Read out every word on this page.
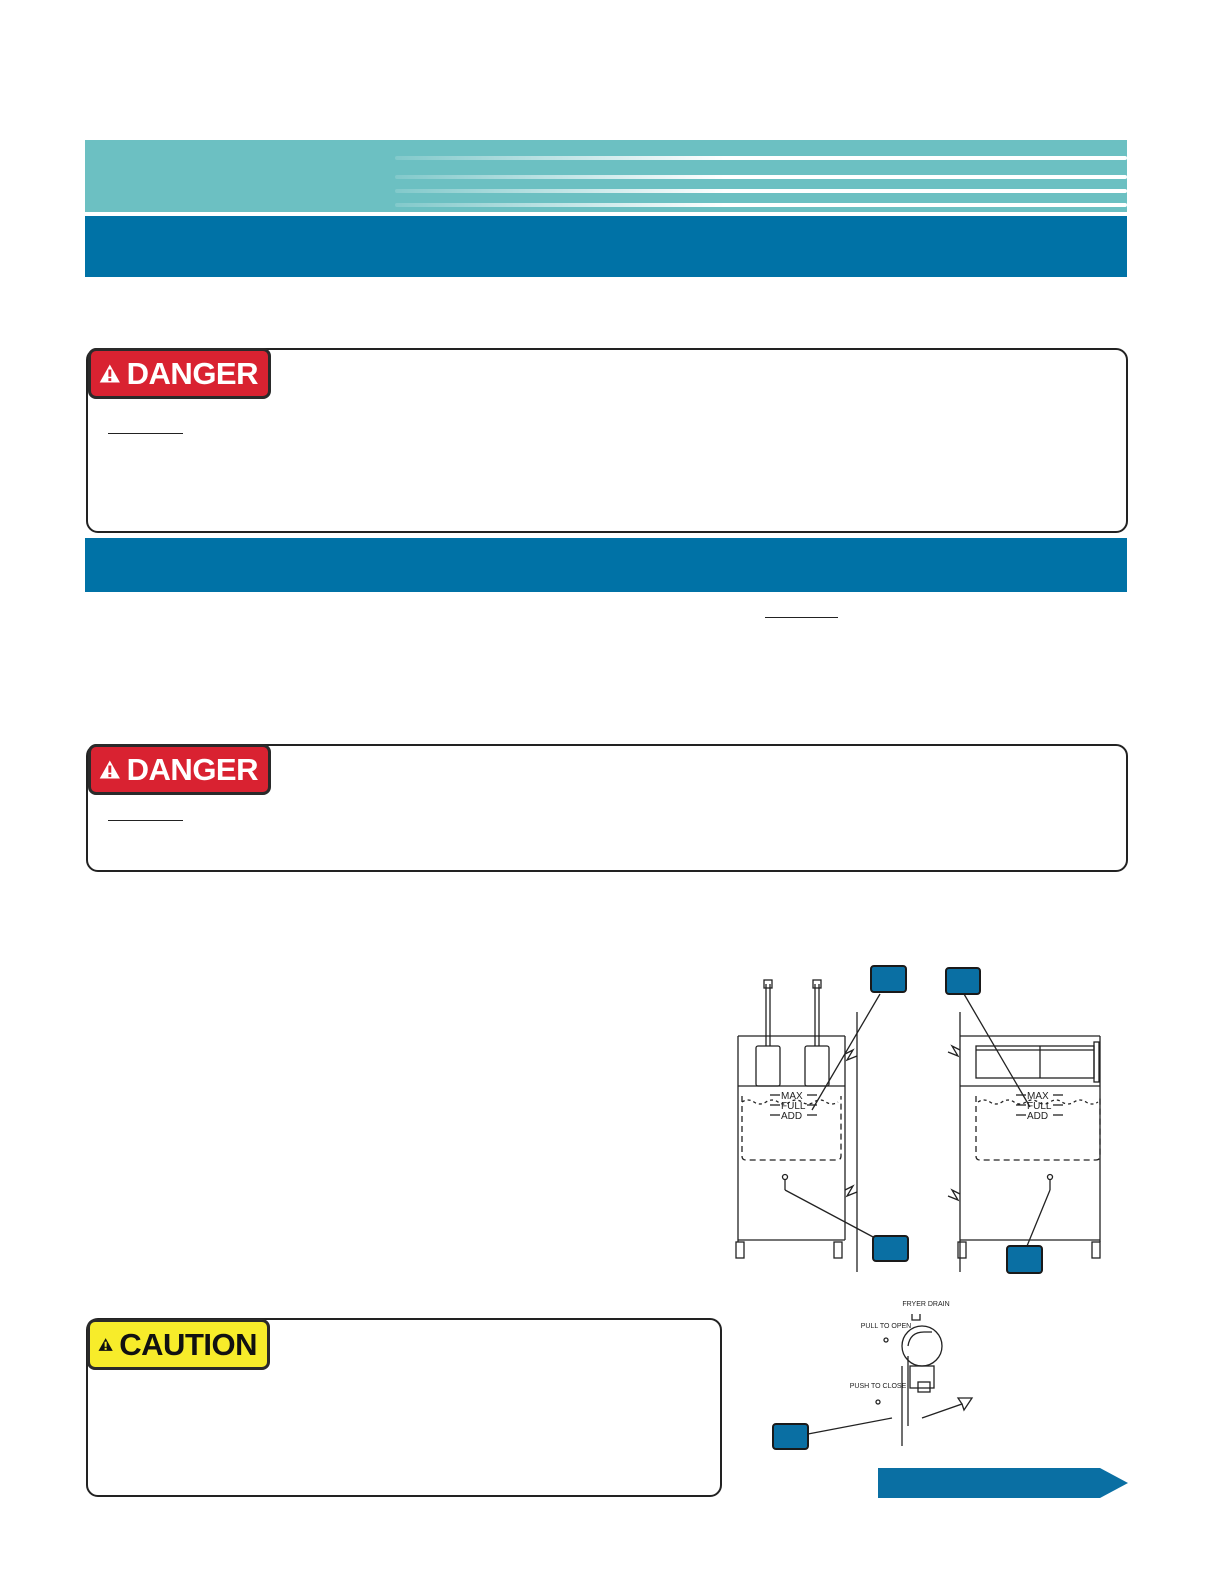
DANGER
DANGER
MAX
FULL
ADD
MAX
FULL
ADD
CAUTION
FRYER DRAIN
PULL TO OPEN
PUSH TO CLOSE
